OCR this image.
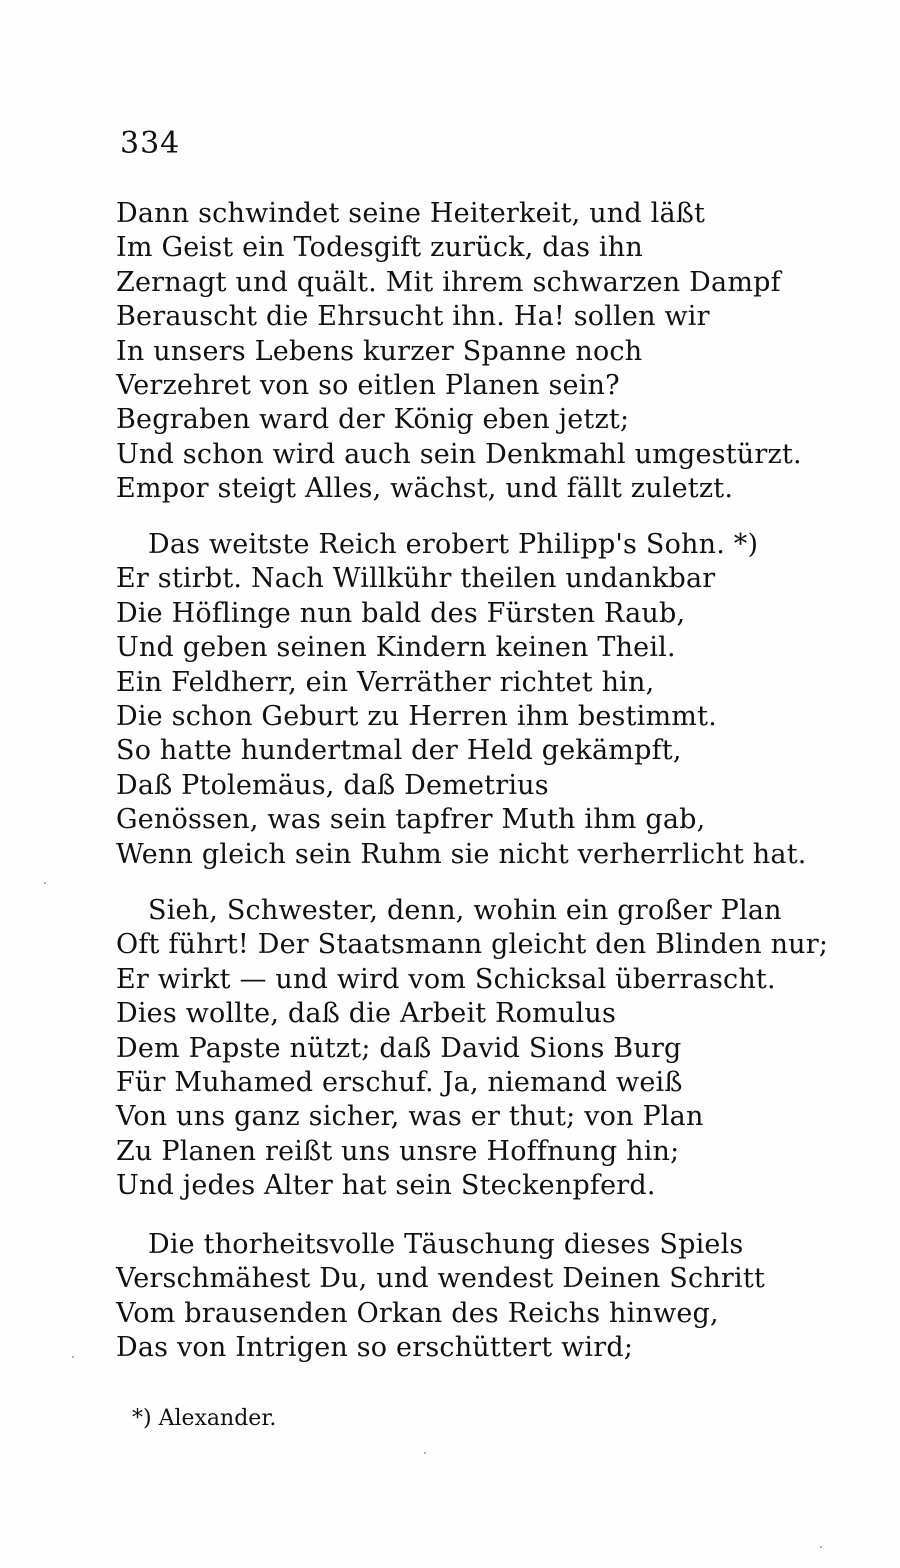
334
Dann schwindet seine Heiterkeit, und läßt
Im Geist ein Todesgift zurück, das ihn
Zernagt und quält. Mit ihrem schwarzen Dampf
Berauscht die Ehrsucht ihn. Ha! sollen wir
In unsers Lebens kurzer Spanne noch
Verzehret von so eitlen Planen sein?
Begraben ward der König eben jetzt;
Und schon wird auch sein Denkmahl umgestürzt.
Empor steigt Alles, wächst, und fällt zuletzt.
Das weitste Reich erobert Philipp's Sohn. *)
Er stirbt. Nach Willkühr theilen undankbar
Die Höflinge nun bald des Fürsten Raub,
Und geben seinen Kindern keinen Theil.
Ein Feldherr, ein Verräther richtet hin,
Die schon Geburt zu Herren ihm bestimmt.
So hatte hundertmal der Held gekämpft,
Daß Ptolemäus, daß Demetrius
Genössen, was sein tapfrer Muth ihm gab,
Wenn gleich sein Ruhm sie nicht verherrlicht hat.
Sieh, Schwester, denn, wohin ein großer Plan
Oft führt! Der Staatsmann gleicht den Blinden nur;
Er wirkt — und wird vom Schicksal überrascht.
Dies wollte, daß die Arbeit Romulus
Dem Papste nützt; daß David Sions Burg
Für Muhamed erschuf. Ja, niemand weiß
Von uns ganz sicher, was er thut; von Plan
Zu Planen reißt uns unsre Hoffnung hin;
Und jedes Alter hat sein Steckenpferd.
Die thorheitsvolle Täuschung dieses Spiels
Verschmähest Du, und wendest Deinen Schritt
Vom brausenden Orkan des Reichs hinweg,
Das von Intrigen so erschüttert wird;
*) Alexander.
